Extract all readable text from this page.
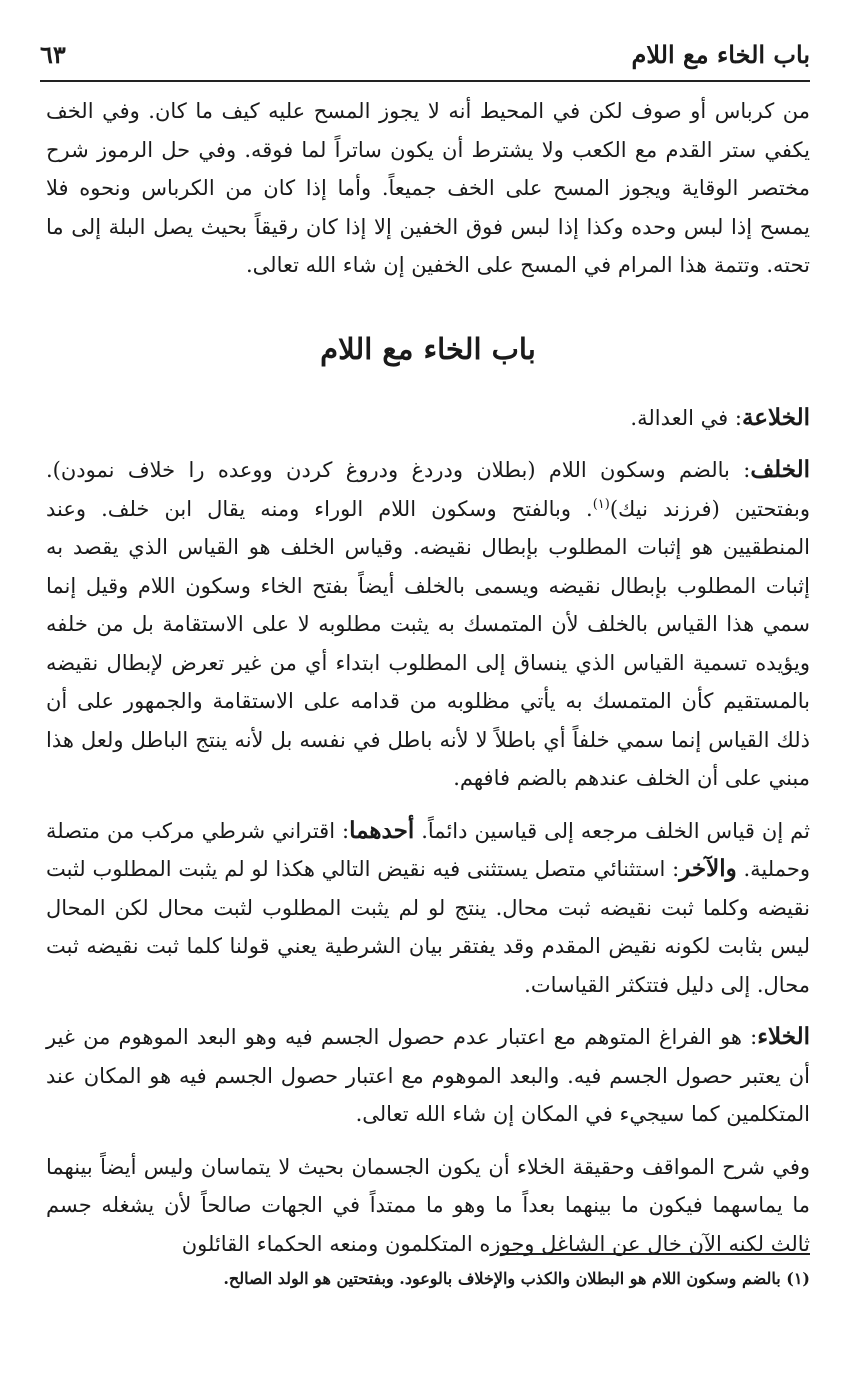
باب الخاء مع اللام
٦٣

من كرباس أو صوف لكن في المحيط أنه لا يجوز المسح عليه كيف ما كان. وفي الخف يكفي ستر القدم مع الكعب ولا يشترط أن يكون ساتراً لما فوقه. وفي حل الرموز شرح مختصر الوقاية ويجوز المسح على الخف جميعاً. وأما إذا كان من الكرباس ونحوه فلا يمسح إذا لبس وحده وكذا إذا لبس فوق الخفين إلا إذا كان رقيقاً بحيث يصل البلة إلى ما تحته. وتتمة هذا المرام في المسح على الخفين إن شاء الله تعالى.

باب الخاء مع اللام

الخلاعة: في العدالة.

الخلف: بالضم وسكون اللام (بطلان ودردغ ودروغ كردن ووعده را خلاف نمودن). وبفتحتين (فرزند نيك)$^{(١)}$. وبالفتح وسكون اللام الوراء ومنه يقال ابن خلف. وعند المنطقيين هو إثبات المطلوب بإبطال نقيضه. وقياس الخلف هو القياس الذي يقصد به إثبات المطلوب بإبطال نقيضه ويسمى بالخلف أيضاً بفتح الخاء وسكون اللام وقيل إنما سمي هذا القياس بالخلف لأن المتمسك به يثبت مطلوبه لا على الاستقامة بل من خلفه ويؤيده تسمية القياس الذي ينساق إلى المطلوب ابتداء أي من غير تعرض لإبطال نقيضه بالمستقيم كأن المتمسك به يأتي مظلوبه من قدامه على الاستقامة والجمهور على أن ذلك القياس إنما سمي خلفاً أي باطلاً لا لأنه باطل في نفسه بل لأنه ينتج الباطل ولعل هذا مبني على أن الخلف عندهم بالضم فافهم.

ثم إن قياس الخلف مرجعه إلى قياسين دائماً. أحدهما: اقتراني شرطي مركب من متصلة وحملية. والآخر: استثنائي متصل يستثنى فيه نقيض التالي هكذا لو لم يثبت المطلوب لثبت نقيضه وكلما ثبت نقيضه ثبت محال. ينتج لو لم يثبت المطلوب لثبت محال لكن المحال ليس بثابت لكونه نقيض المقدم وقد يفتقر بيان الشرطية يعني قولنا كلما ثبت نقيضه ثبت محال. إلى دليل فتتكثر القياسات.

الخلاء: هو الفراغ المتوهم مع اعتبار عدم حصول الجسم فيه وهو البعد الموهوم من غير أن يعتبر حصول الجسم فيه. والبعد الموهوم مع اعتبار حصول الجسم فيه هو المكان عند المتكلمين كما سيجيء في المكان إن شاء الله تعالى.

وفي شرح المواقف وحقيقة الخلاء أن يكون الجسمان بحيث لا يتماسان وليس أيضاً بينهما ما يماسهما فيكون ما بينهما بعداً ما وهو ما ممتداً في الجهات صالحاً لأن يشغله جسم ثالث لكنه الآن خال عن الشاغل وجوزه المتكلمون ومنعه الحكماء القائلون

(١) بالضم وسكون اللام هو البطلان والكذب والإخلاف بالوعود. وبفتحتين هو الولد الصالح.
